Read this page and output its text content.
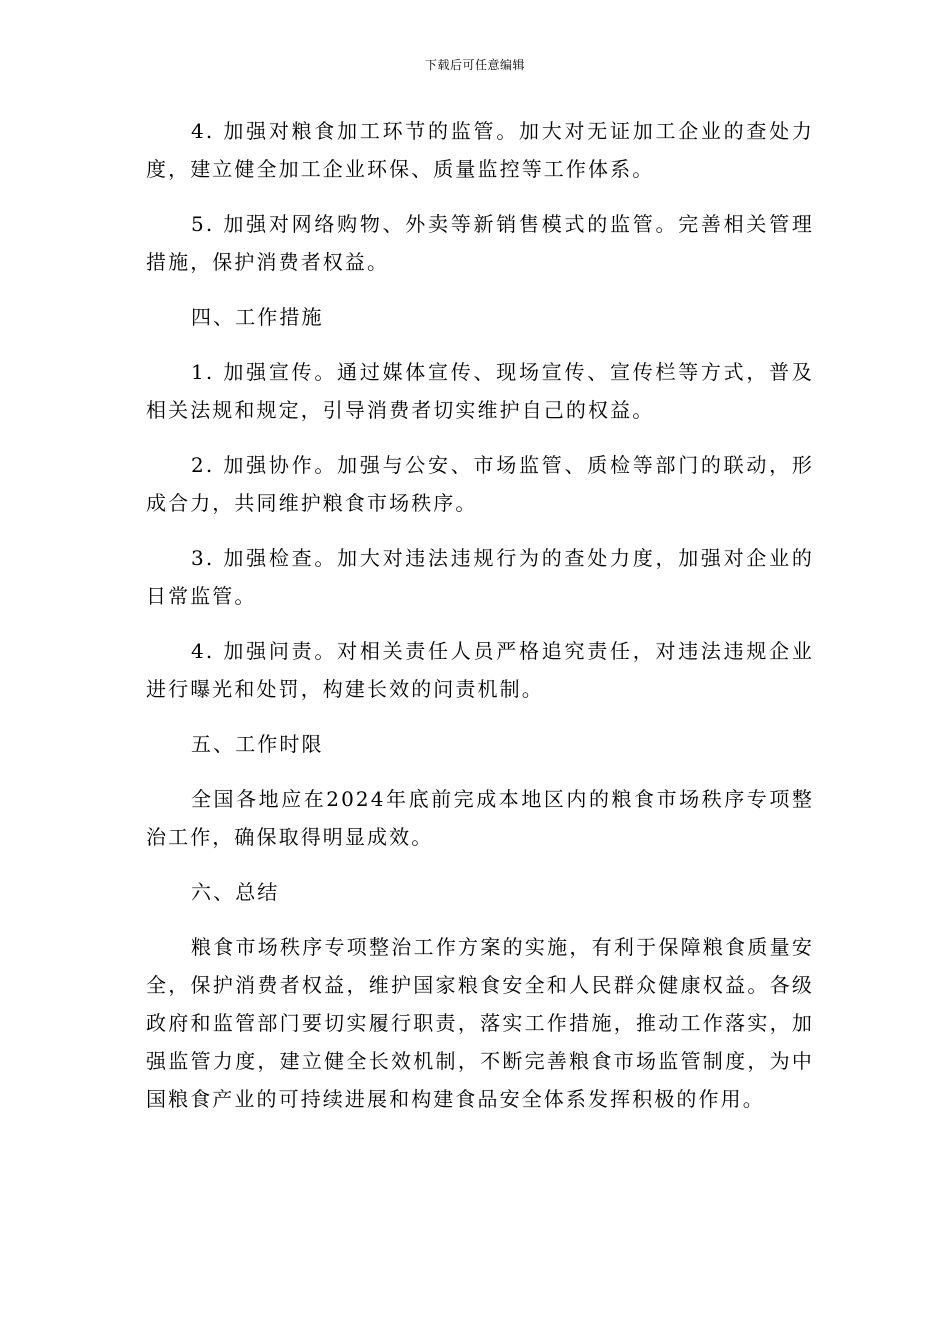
下载后可任意编辑

4. 加强对粮食加工环节的监管。加大对无证加工企业的查处力度，建立健全加工企业环保、质量监控等工作体系。

5. 加强对网络购物、外卖等新销售模式的监管。完善相关管理措施，保护消费者权益。

四、工作措施

1. 加强宣传。通过媒体宣传、现场宣传、宣传栏等方式，普及相关法规和规定，引导消费者切实维护自己的权益。

2. 加强协作。加强与公安、市场监管、质检等部门的联动，形成合力，共同维护粮食市场秩序。

3. 加强检查。加大对违法违规行为的查处力度，加强对企业的日常监管。

4. 加强问责。对相关责任人员严格追究责任，对违法违规企业进行曝光和处罚，构建长效的问责机制。

五、工作时限

全国各地应在2024年底前完成本地区内的粮食市场秩序专项整治工作，确保取得明显成效。

六、总结

粮食市场秩序专项整治工作方案的实施，有利于保障粮食质量安全，保护消费者权益，维护国家粮食安全和人民群众健康权益。各级政府和监管部门要切实履行职责，落实工作措施，推动工作落实，加强监管力度，建立健全长效机制，不断完善粮食市场监管制度，为中国粮食产业的可持续进展和构建食品安全体系发挥积极的作用。
